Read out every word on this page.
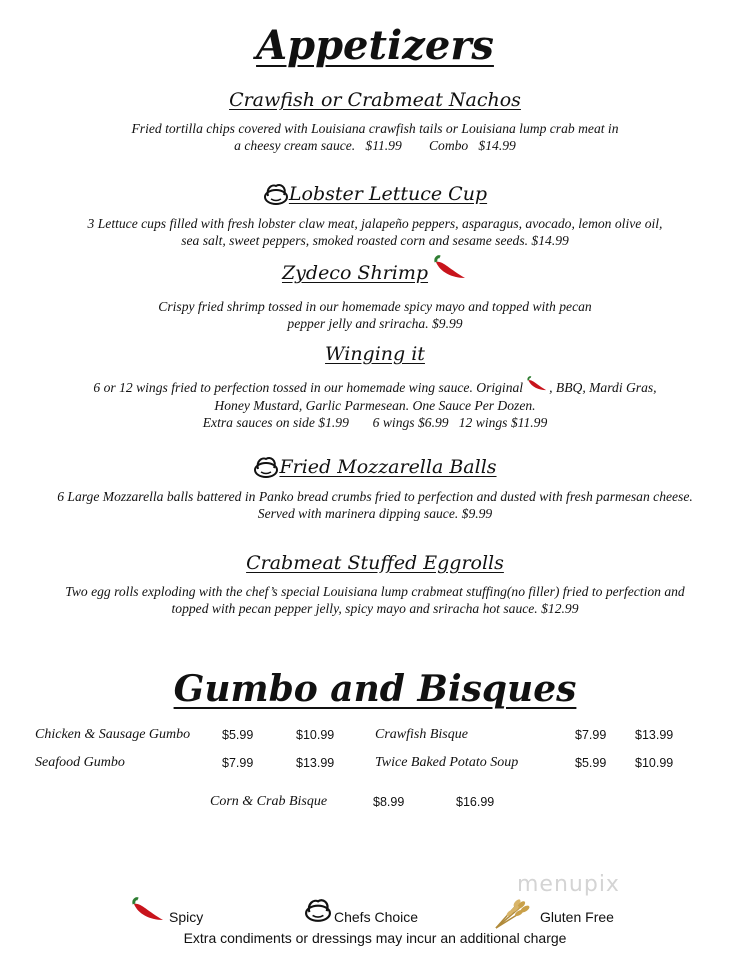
Appetizers
Crawfish or Crabmeat Nachos
Fried tortilla chips covered with Louisiana crawfish tails or Louisiana lump crab meat in
a cheesy cream sauce.   $11.99        Combo   $14.99
Lobster Lettuce Cup
3 Lettuce cups filled with fresh lobster claw meat, jalapeño peppers, asparagus, avocado, lemon olive oil,
sea salt, sweet peppers, smoked roasted corn and sesame seeds. $14.99
Zydeco Shrimp
Crispy fried shrimp tossed in our homemade spicy mayo and topped with pecan
pepper jelly and sriracha. $9.99
Winging it
6 or 12 wings fried to perfection tossed in our homemade wing sauce. Original , BBQ, Mardi Gras,
Honey Mustard, Garlic Parmesean. One Sauce Per Dozen.
Extra sauces on side $1.99       6 wings $6.99   12 wings $11.99
Fried Mozzarella Balls
6 Large Mozzarella balls battered in Panko bread crumbs fried to perfection and dusted with fresh parmesan cheese.
Served with marinera dipping sauce. $9.99
Crabmeat Stuffed Eggrolls
Two egg rolls exploding with the chef’s special Louisiana lump crabmeat stuffing(no filler) fried to perfection and
topped with pecan pepper jelly, spicy mayo and sriracha hot sauce. $12.99
Gumbo and Bisques
Chicken & Sausage Gumbo	$5.99	$10.99
Seafood Gumbo	$7.99	$13.99
Crawfish Bisque	$7.99 $13.99
Twice Baked Potato Soup	$5.99 $10.99
Corn & Crab Bisque	$8.99	$16.99
menupix
Spicy	Chefs Choice	Gluten Free
Extra condiments or dressings may incur an additional charge
